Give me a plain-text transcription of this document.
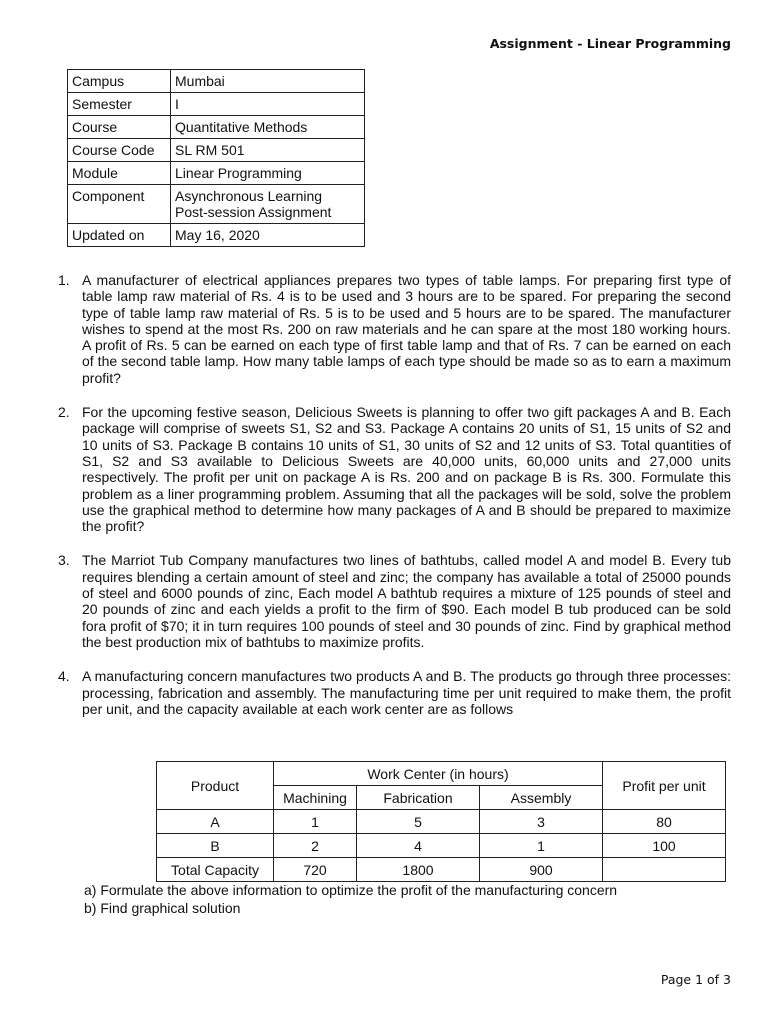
Assignment - Linear Programming
Campus	Mumbai
Semester	I
Course	Quantitative Methods
Course Code	SL RM 501
Module	Linear Programming
Component	Asynchronous Learning
Post-session Assignment
Updated on	May 16, 2020
1. A manufacturer of electrical appliances prepares two types of table lamps. For preparing first type of table lamp raw material of Rs. 4 is to be used and 3 hours are to be spared. For preparing the second type of table lamp raw material of Rs. 5 is to be used and 5 hours are to be spared. The manufacturer wishes to spend at the most Rs. 200 on raw materials and he can spare at the most 180 working hours. A profit of Rs. 5 can be earned on each type of first table lamp and that of Rs. 7 can be earned on each of the second table lamp. How many table lamps of each type should be made so as to earn a maximum profit?
2. For the upcoming festive season, Delicious Sweets is planning to offer two gift packages A and B. Each package will comprise of sweets S1, S2 and S3. Package A contains 20 units of S1, 15 units of S2 and 10 units of S3. Package B contains 10 units of S1, 30 units of S2 and 12 units of S3. Total quantities of S1, S2 and S3 available to Delicious Sweets are 40,000 units, 60,000 units and 27,000 units respectively. The profit per unit on package A is Rs. 200 and on package B is Rs. 300. Formulate this problem as a liner programming problem. Assuming that all the packages will be sold, solve the problem use the graphical method to determine how many packages of A and B should be prepared to maximize the profit?
3. The Marriot Tub Company manufactures two lines of bathtubs, called model A and model B. Every tub requires blending a certain amount of steel and zinc; the company has available a total of 25000 pounds of steel and 6000 pounds of zinc, Each model A bathtub requires a mixture of 125 pounds of steel and 20 pounds of zinc and each yields a profit to the firm of $90. Each model B tub produced can be sold fora profit of $70; it in turn requires 100 pounds of steel and 30 pounds of zinc. Find by graphical method the best production mix of bathtubs to maximize profits.
4. A manufacturing concern manufactures two products A and B. The products go through three processes: processing, fabrication and assembly. The manufacturing time per unit required to make them, the profit per unit, and the capacity available at each work center are as follows
Product	Work Center (in hours)			Profit per unit
	Machining	Fabrication	Assembly	
A	1	5	3	80
B	2	4	1	100
Total Capacity	720	1800	900	
a) Formulate the above information to optimize the profit of the manufacturing concern
b) Find graphical solution
Page 1 of 3
